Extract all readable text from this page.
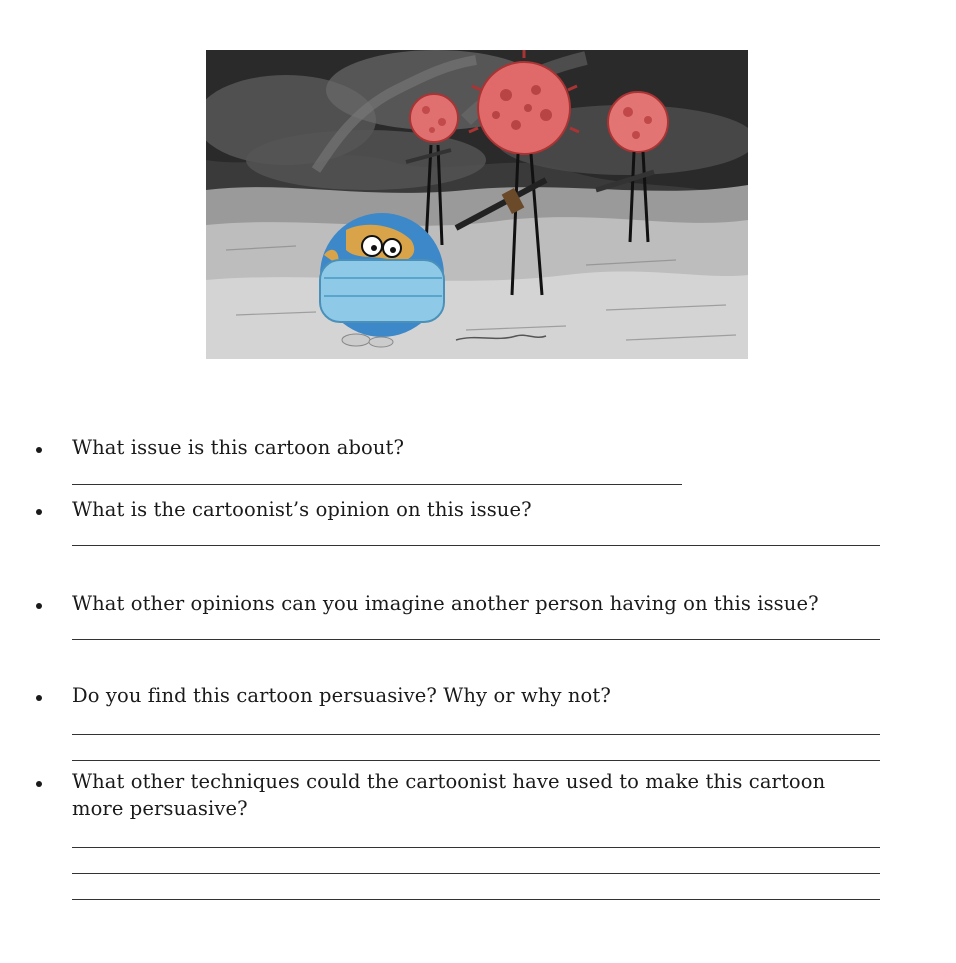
What issue is this cartoon about?
What is the cartoonist’s opinion on this issue?
What other opinions can you imagine another person having on this issue?
Do you find this cartoon persuasive? Why or why not?
What other techniques could the cartoonist have used to make this cartoon more persuasive?
